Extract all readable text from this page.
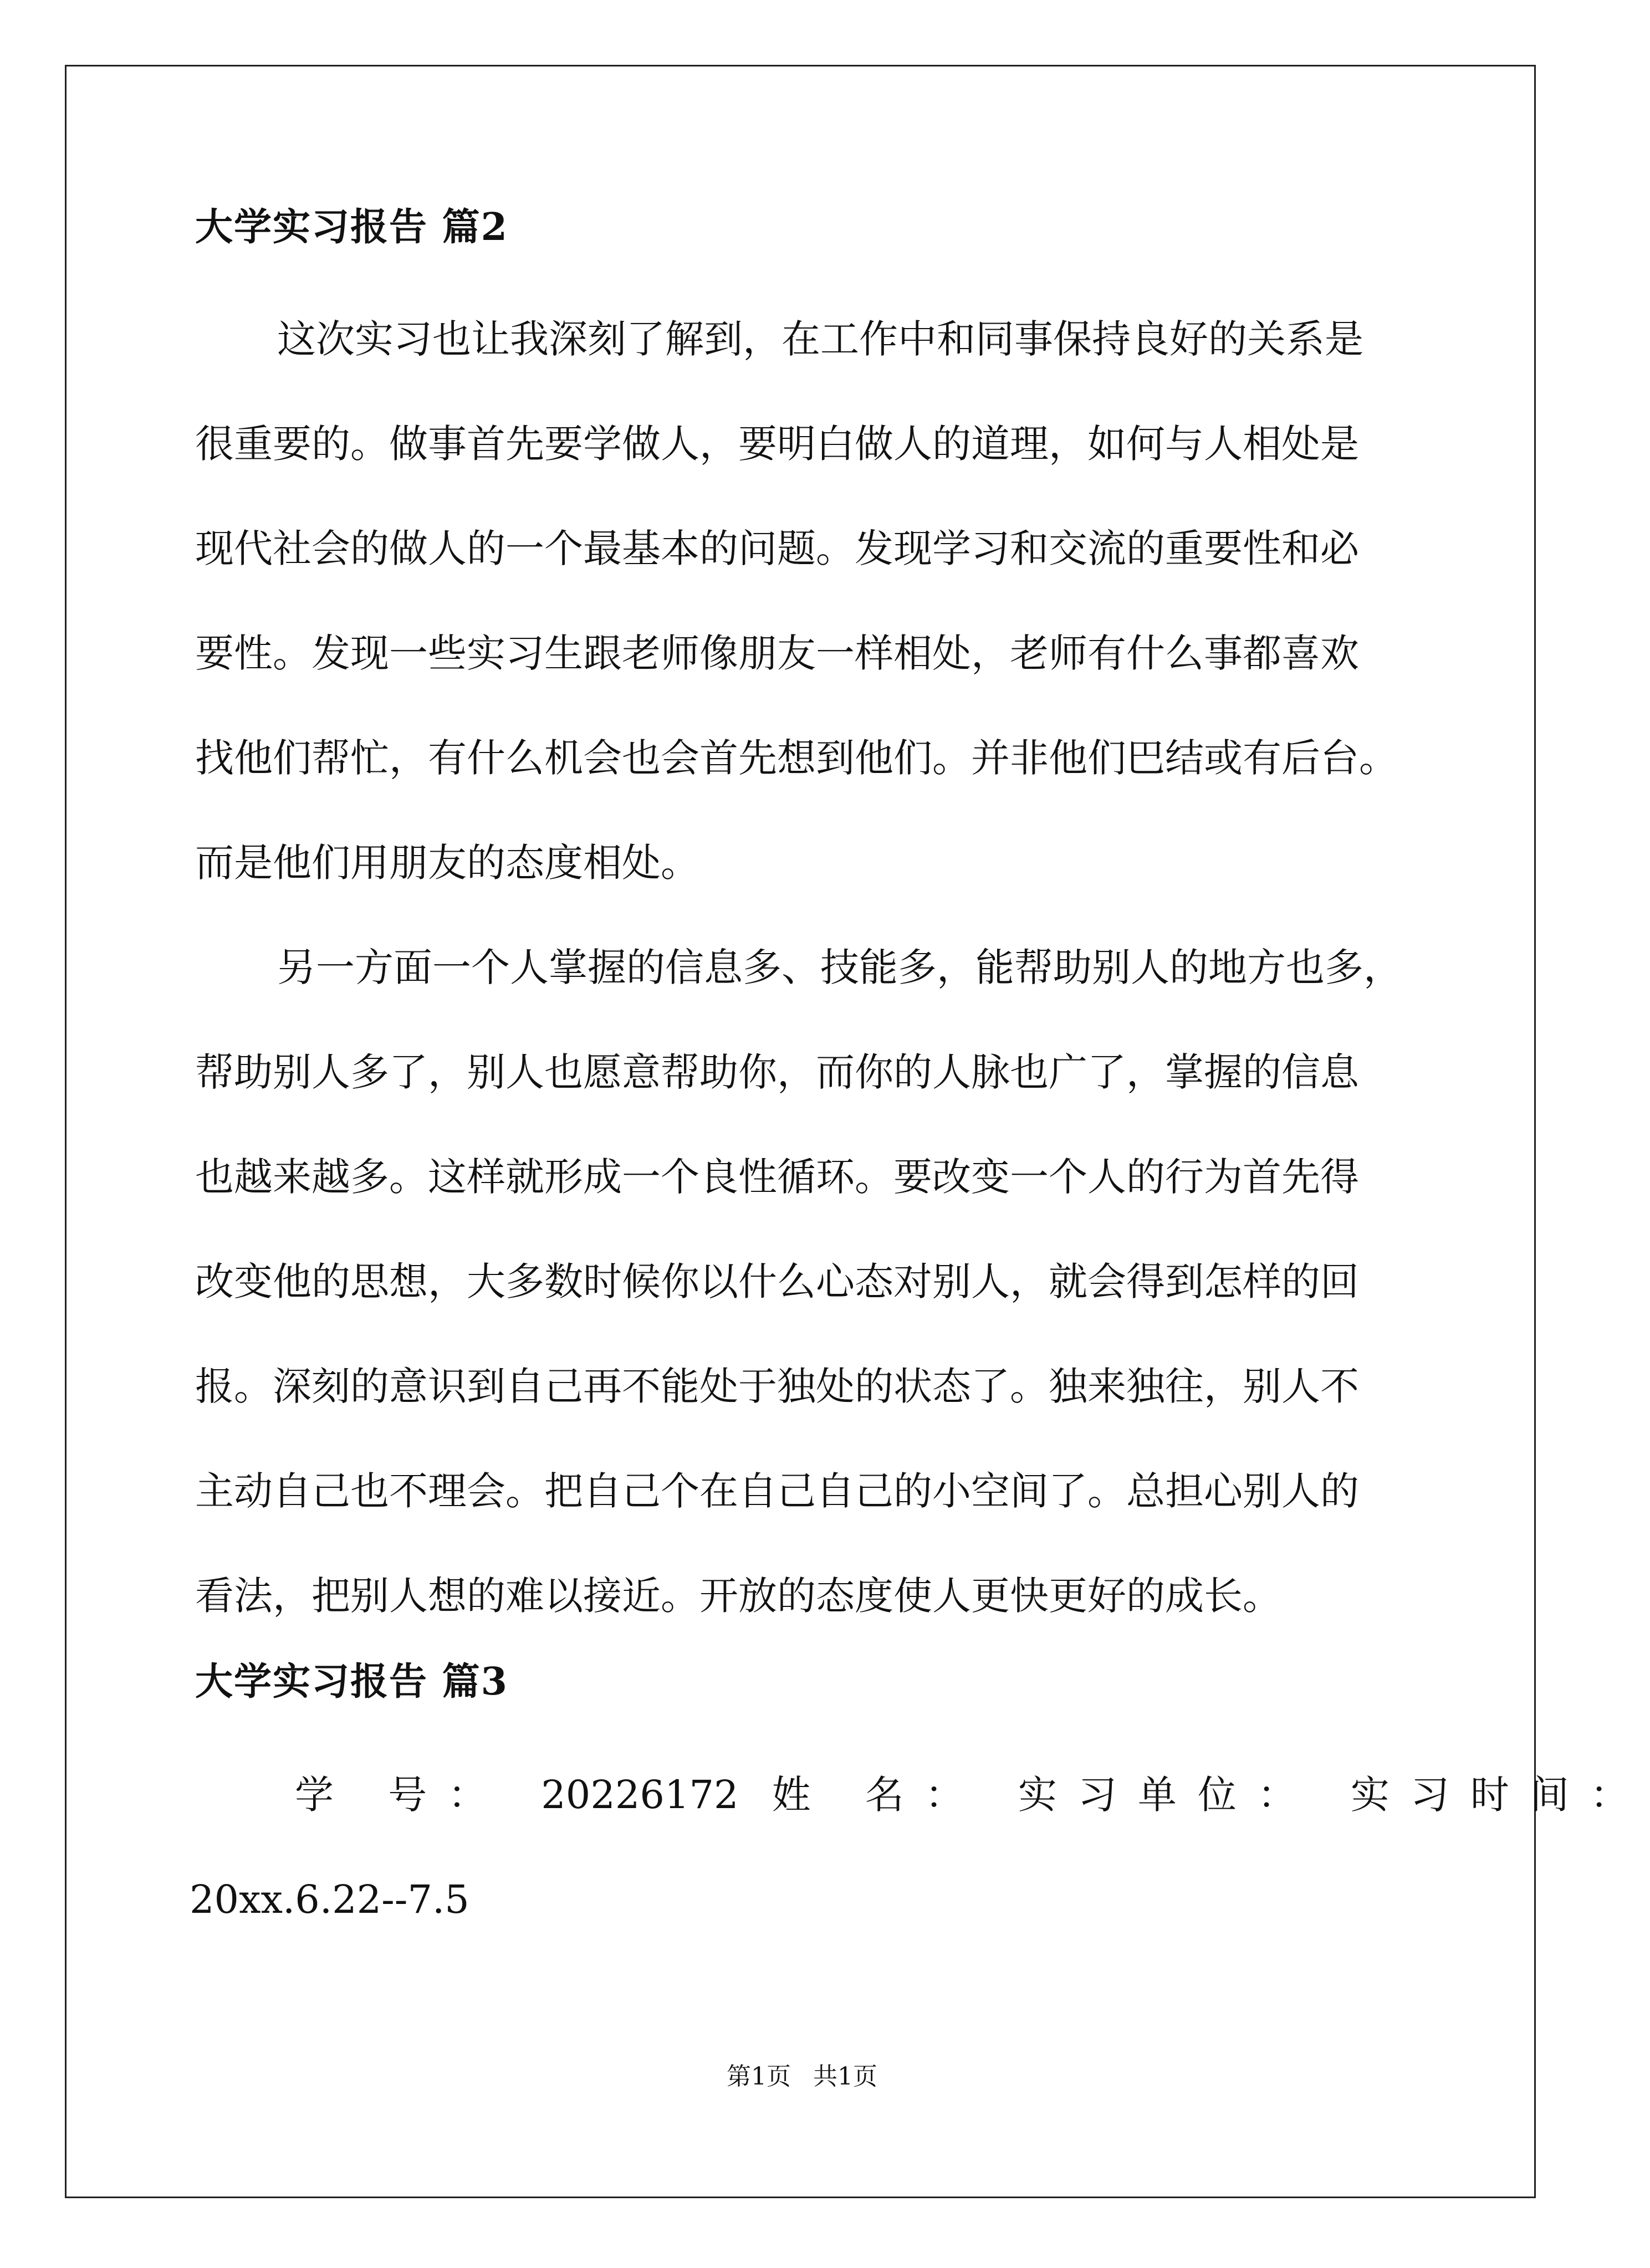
大学实习报告 篇2
这次实习也让我深刻了解到，在工作中和同事保持良好的关系是
很重要的。做事首先要学做人，要明白做人的道理，如何与人相处是
现代社会的做人的一个最基本的问题。发现学习和交流的重要性和必
要性。发现一些实习生跟老师像朋友一样相处，老师有什么事都喜欢
找他们帮忙，有什么机会也会首先想到他们。并非他们巴结或有后台。
而是他们用朋友的态度相处。
另一方面一个人掌握的信息多、技能多，能帮助别人的地方也多，
帮助别人多了，别人也愿意帮助你，而你的人脉也广了，掌握的信息
也越来越多。这样就形成一个良性循环。要改变一个人的行为首先得
改变他的思想，大多数时候你以什么心态对别人，就会得到怎样的回
报。深刻的意识到自己再不能处于独处的状态了。独来独往，别人不
主动自己也不理会。把自己个在自己自己的小空间了。总担心别人的
看法，把别人想的难以接近。开放的态度使人更快更好的成长。
大学实习报告 篇3
学 号： 20226172 姓 名： 实习单位： 实习时间：
20xx.6.22--7.5
第1页 共1页
